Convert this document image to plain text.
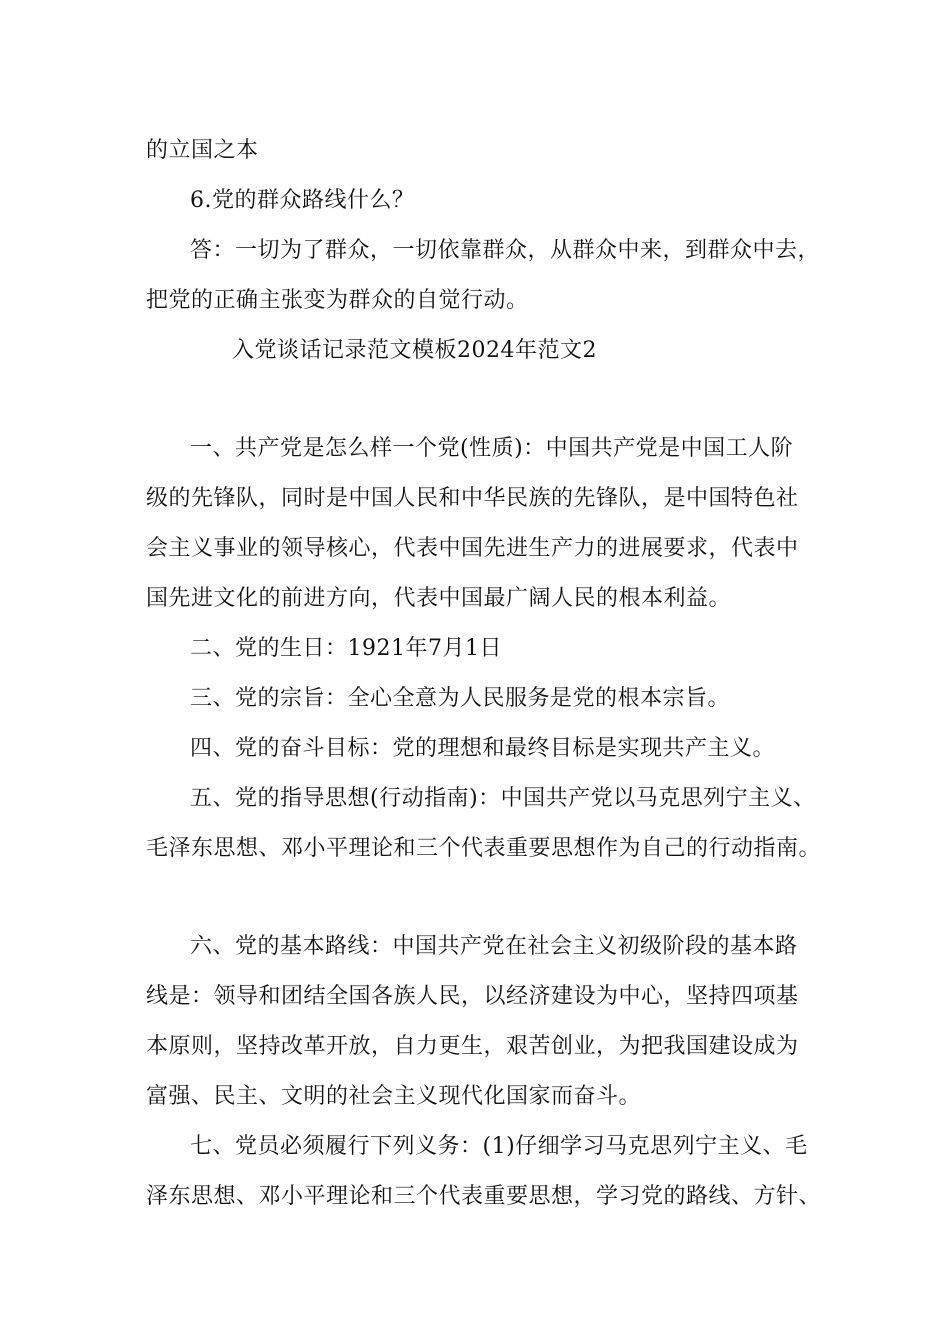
的立国之本
6.党的群众路线什么？
答：一切为了群众，一切依靠群众，从群众中来，到群众中去，
把党的正确主张变为群众的自觉行动。
入党谈话记录范文模板2024年范文2
一、共产党是怎么样一个党(性质)：中国共产党是中国工人阶
级的先锋队，同时是中国人民和中华民族的先锋队，是中国特色社
会主义事业的领导核心，代表中国先进生产力的进展要求，代表中
国先进文化的前进方向，代表中国最广阔人民的根本利益。
二、党的生日：1921年7月1日
三、党的宗旨：全心全意为人民服务是党的根本宗旨。
四、党的奋斗目标：党的理想和最终目标是实现共产主义。
五、党的指导思想(行动指南)：中国共产党以马克思列宁主义、
毛泽东思想、邓小平理论和三个代表重要思想作为自己的行动指南。
六、党的基本路线：中国共产党在社会主义初级阶段的基本路
线是：领导和团结全国各族人民，以经济建设为中心，坚持四项基
本原则，坚持改革开放，自力更生，艰苦创业，为把我国建设成为
富强、民主、文明的社会主义现代化国家而奋斗。
七、党员必须履行下列义务：(1)仔细学习马克思列宁主义、毛
泽东思想、邓小平理论和三个代表重要思想，学习党的路线、方针、
